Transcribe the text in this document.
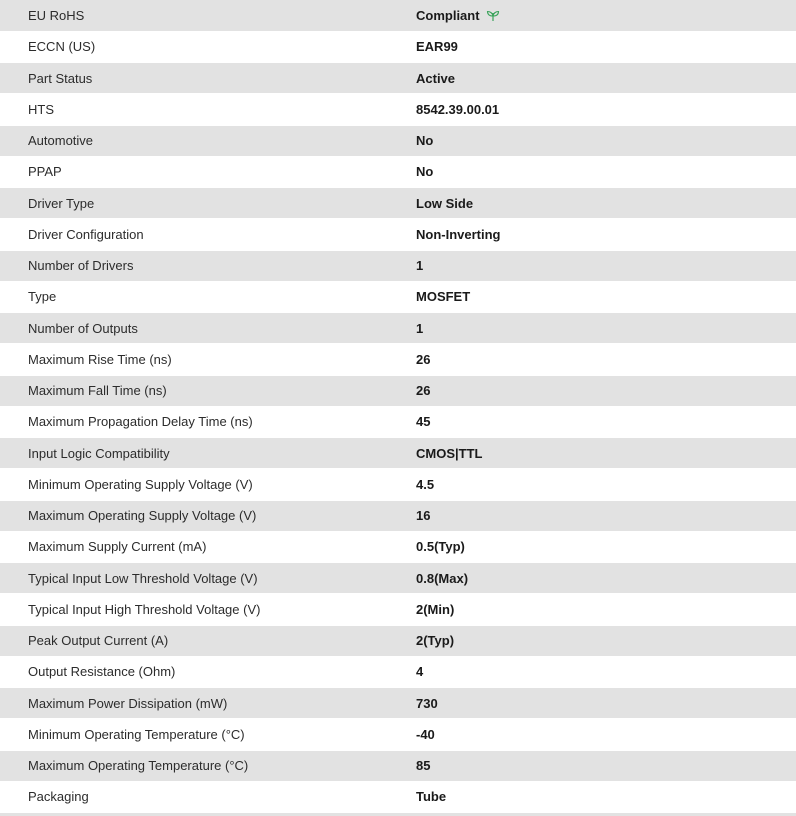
EU RoHS	Compliant
ECCN (US)	EAR99
Part Status	Active
HTS	8542.39.00.01
Automotive	No
PPAP	No
Driver Type	Low Side
Driver Configuration	Non-Inverting
Number of Drivers	1
Type	MOSFET
Number of Outputs	1
Maximum Rise Time (ns)	26
Maximum Fall Time (ns)	26
Maximum Propagation Delay Time (ns)	45
Input Logic Compatibility	CMOS|TTL
Minimum Operating Supply Voltage (V)	4.5
Maximum Operating Supply Voltage (V)	16
Maximum Supply Current (mA)	0.5(Typ)
Typical Input Low Threshold Voltage (V)	0.8(Max)
Typical Input High Threshold Voltage (V)	2(Min)
Peak Output Current (A)	2(Typ)
Output Resistance (Ohm)	4
Maximum Power Dissipation (mW)	730
Minimum Operating Temperature (°C)	-40
Maximum Operating Temperature (°C)	85
Packaging	Tube
